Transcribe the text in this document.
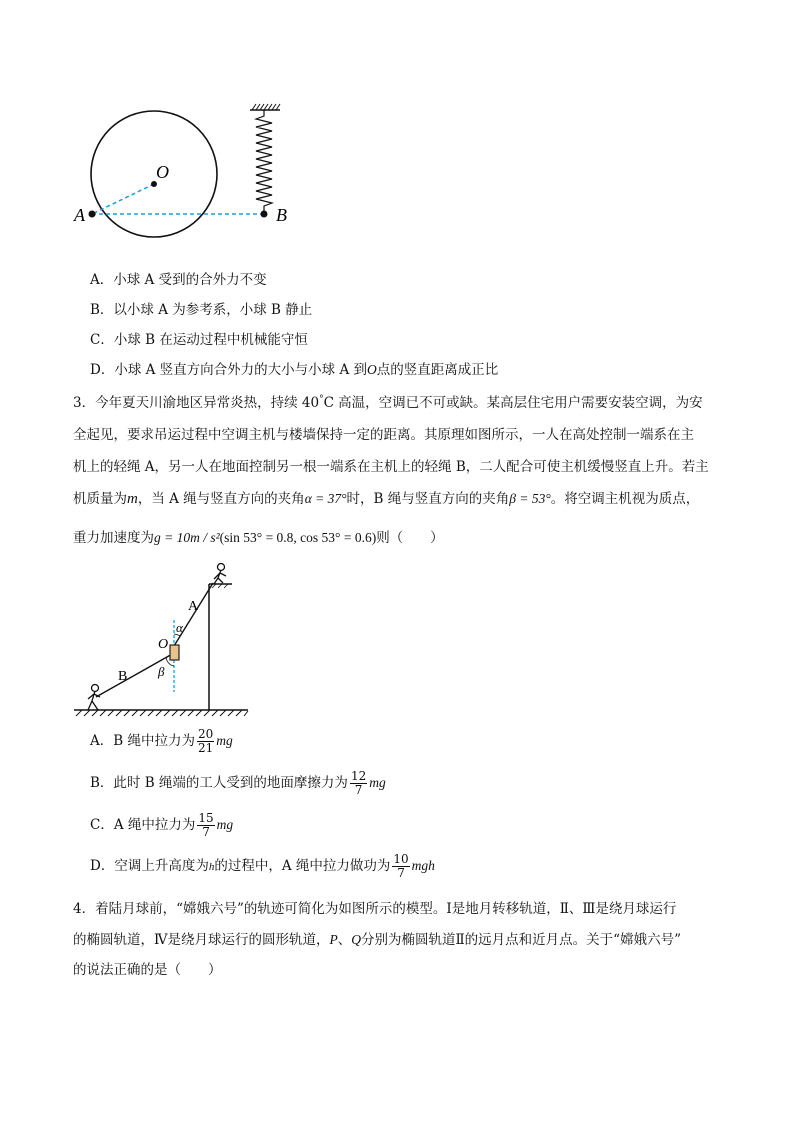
O
A	B
A．小球 A 受到的合外力不变
B．以小球 A 为参考系，小球 B 静止
C．小球 B 在运动过程中机械能守恒
D．小球 A 竖直方向合外力的大小与小球 A 到O点的竖直距离成正比
3．今年夏天川渝地区异常炎热，持续 40°C 高温，空调已不可或缺。某高层住宅用户需要安装空调，为安
全起见，要求吊运过程中空调主机与楼墙保持一定的距离。其原理如图所示，一人在高处控制一端系在主
机上的轻绳 A，另一人在地面控制另一根一端系在主机上的轻绳 B，二人配合可使主机缓慢竖直上升。若主
机质量为m，当 A 绳与竖直方向的夹角α = 37°时，B 绳与竖直方向的夹角β = 53°。将空调主机视为质点，
重力加速度为g = 10m / s²(sin 53° = 0.8, cos 53° = 0.6)则（　　）
A
B
O
α
β
A．B 绳中拉力为 $\frac{20}{21}$ mg
B．此时 B 绳端的工人受到的地面摩擦力为 $\frac{12}{7}$ mg
C．A 绳中拉力为 $\frac{15}{7}$ mg
D．空调上升高度为h的过程中，A 绳中拉力做功为 $\frac{10}{7}$ mgh
4．着陆月球前，“嫦娥六号”的轨迹可简化为如图所示的模型。Ⅰ是地月转移轨道，Ⅱ、Ⅲ是绕月球运行
的椭圆轨道，Ⅳ是绕月球运行的圆形轨道，P、Q分别为椭圆轨道Ⅱ的远月点和近月点。关于“嫦娥六号”
的说法正确的是（　　）
